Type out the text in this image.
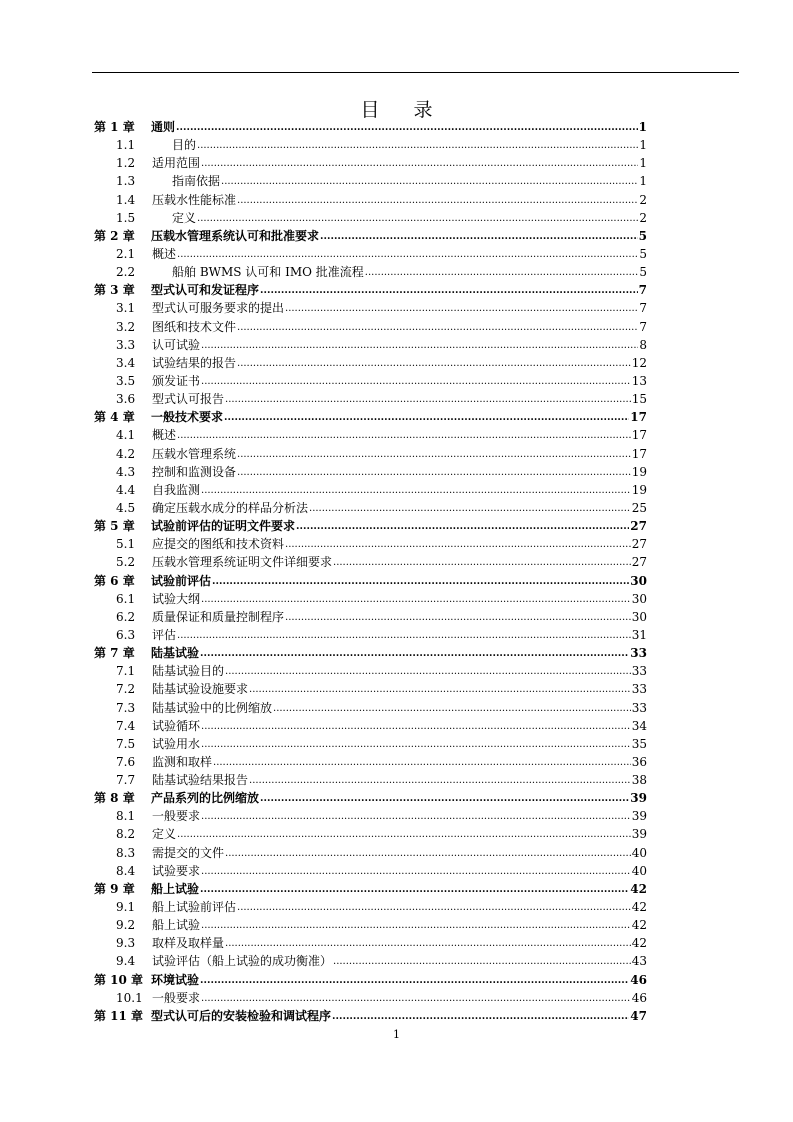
目 录
第 1 章	通则 .....	1
1.1	目的 .....	1
1.2	适用范围 .....	1
1.3	指南依据 .....	1
1.4	压载水性能标准 .....	2
1.5	定义 .....	2
第 2 章	压载水管理系统认可和批准要求 .....	5
2.1	概述 .....	5
2.2	船舶 BWMS 认可和 IMO 批准流程 .....	5
第 3 章	型式认可和发证程序 .....	7
3.1	型式认可服务要求的提出 .....	7
3.2	图纸和技术文件 .....	7
3.3	认可试验 .....	8
3.4	试验结果的报告 .....	12
3.5	颁发证书 .....	13
3.6	型式认可报告 .....	15
第 4 章	一般技术要求 .....	17
4.1	概述 .....	17
4.2	压载水管理系统 .....	17
4.3	控制和监测设备 .....	19
4.4	自我监测 .....	19
4.5	确定压载水成分的样品分析法 .....	25
第 5 章	试验前评估的证明文件要求 .....	27
5.1	应提交的图纸和技术资料 .....	27
5.2	压载水管理系统证明文件详细要求 .....	27
第 6 章	试验前评估 .....	30
6.1	试验大纲 .....	30
6.2	质量保证和质量控制程序 .....	30
6.3	评估 .....	31
第 7 章	陆基试验 .....	33
7.1	陆基试验目的 .....	33
7.2	陆基试验设施要求 .....	33
7.3	陆基试验中的比例缩放 .....	33
7.4	试验循环 .....	34
7.5	试验用水 .....	35
7.6	监测和取样 .....	36
7.7	陆基试验结果报告 .....	38
第 8 章	产品系列的比例缩放 .....	39
8.1	一般要求 .....	39
8.2	定义 .....	39
8.3	需提交的文件 .....	40
8.4	试验要求 .....	40
第 9 章	船上试验 .....	42
9.1	船上试验前评估 .....	42
9.2	船上试验 .....	42
9.3	取样及取样量 .....	42
9.4	试验评估（船上试验的成功衡准） .....	43
第 10 章 环境试验 .....	46
10.1 一般要求 .....	46
第 11 章 型式认可后的安装检验和调试程序 .....	47
1
